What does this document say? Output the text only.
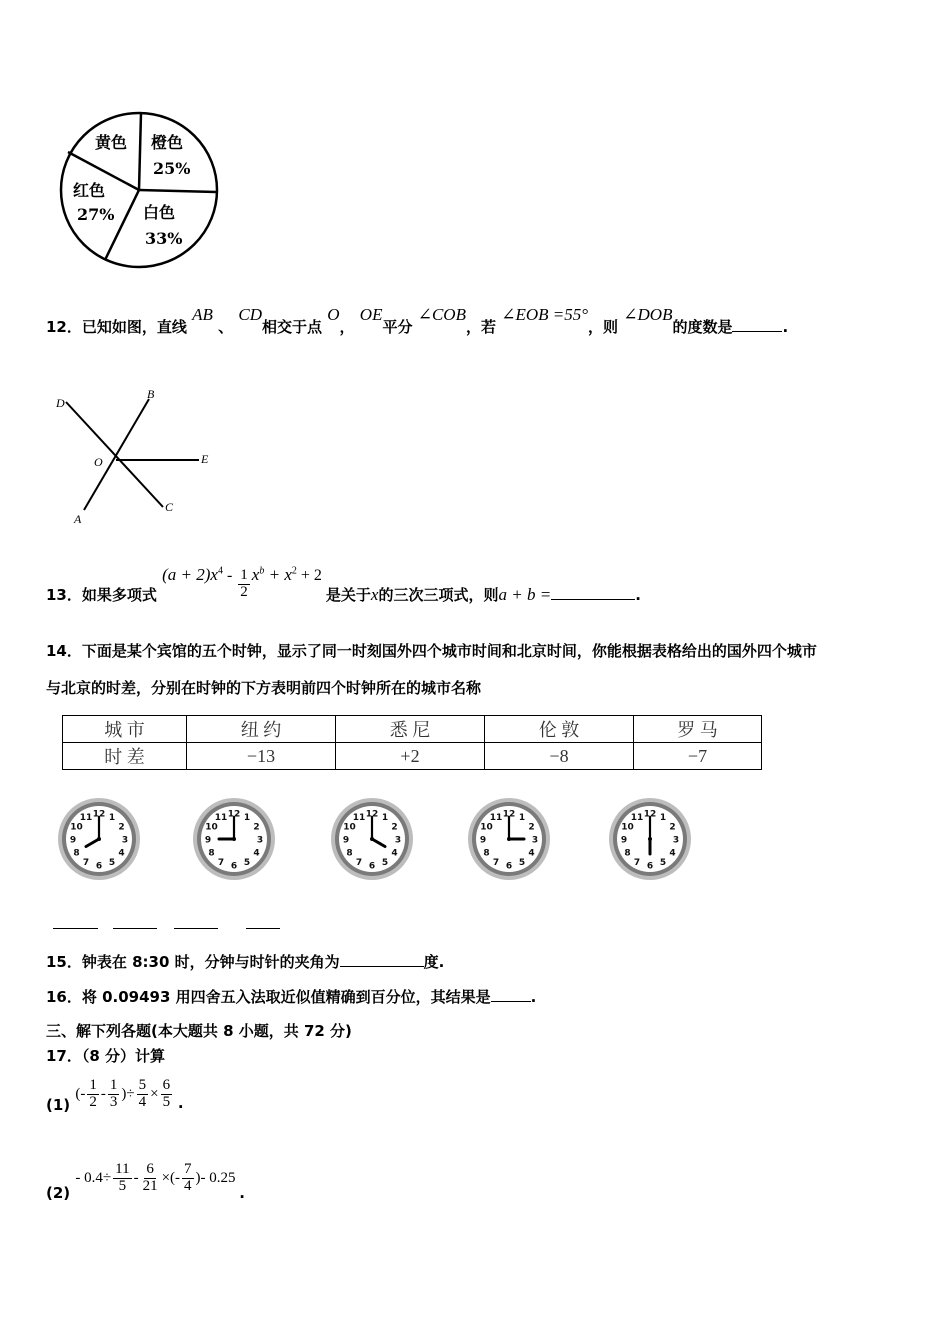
黄色 橙色
25%
红色
27% 白色
33%
12．已知如图，直线 AB 、 CD相交于点 O， OE平分 ∠COB，若 ∠EOB =55°，则 ∠DOB的度数是	.
D
B
O	E
A
C
13．如果多项式 $(a + 2)x^4 - \frac{1}{2} x^b + x^2 + 2$ 是关于x的三次三项式，则a + b =	.
14．下面是某个宾馆的五个时钟，显示了同一时刻国外四个城市时间和北京时间，你能根据表格给出的国外四个城市
与北京的时差，分别在时钟的下方表明前四个时钟所在的城市名称
城 市	纽 约	悉 尼	伦 敦	罗 马
时 差	−13	+2	−8	−7
12 1
2
3
4
5
6
7
8
9
10
11	12 1
2
3
4
5
6
7
8
9
10
11	12 1
2
3
4
5
6
7
8
9
10
11	12 1
2
3
4
5
6
7
8
9
10
11	12 1
2
3
4
5
6
7
8
9
10
11
15．钟表在 8:30 时，分钟与时针的夹角为	度.
16．将 0.09493 用四舍五入法取近似值精确到百分位，其结果是	.
三、解下列各题(本大题共 8 小题，共 72 分)
17．（8 分）计算
(1) (- $\frac{1}{2} - \frac{1}{3}$ )÷ $\frac{5}{4} \times \frac{6}{5}$ .
$(2) - 0.4\div \frac{11}{5} - \frac{6}{21}$ ×(- $\frac{7}{4}$ )- 0.25 .
